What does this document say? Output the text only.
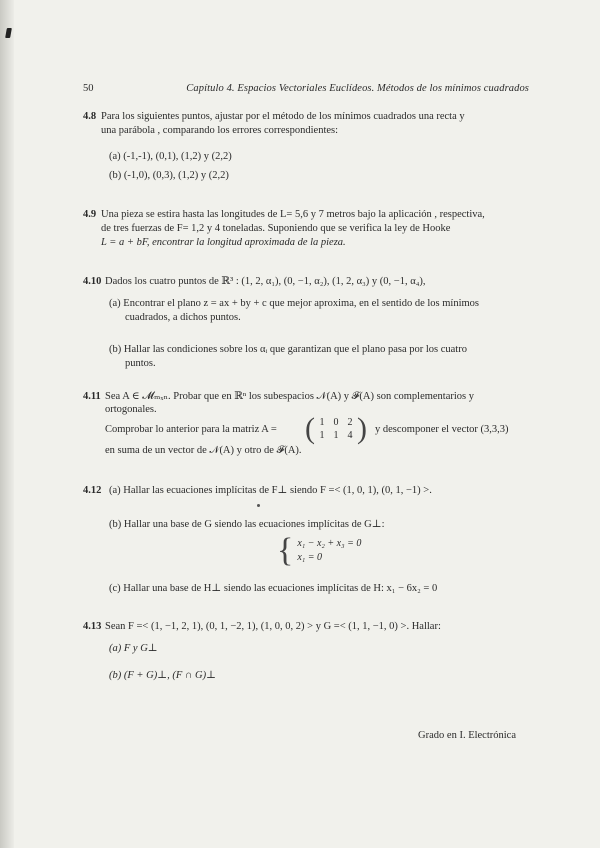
50	Capítulo 4. Espacios Vectoriales Euclídeos. Métodos de los mínimos cuadrados
4.8 Para los siguientes puntos, ajustar por el método de los mínimos cuadrados una recta y
una parábola , comparando los errores correspondientes:
(a) (-1,-1), (0,1), (1,2) y (2,2)
(b) (-1,0), (0,3), (1,2) y (2,2)
4.9 Una pieza se estira hasta las longitudes de L= 5,6 y 7 metros bajo la aplicación , respectiva,
de tres fuerzas de F= 1,2 y 4 toneladas. Suponiendo que se verifica la ley de Hooke
L = a + bF, encontrar la longitud aproximada de la pieza.
4.10 Dados los cuatro puntos de ℝ³ : (1, 2, α₁), (0, −1, α₂), (1, 2, α₃) y (0, −1, α₄),
(a) Encontrar el plano z = ax + by + c que mejor aproxima, en el sentido de los mínimos
cuadrados, a dichos puntos.
(b) Hallar las condiciones sobre los αᵢ que garantizan que el plano pasa por los cuatro
puntos.
4.11 Sea A ∈ 𝓜ₘₓₙ. Probar que en ℝⁿ los subespacios 𝒩(A) y 𝓕(A) son complementarios y
ortogonales.
Comprobar lo anterior para la matriz A = ( 1 0 2
1 1 4 ) y descomponer el vector (3,3,3)
en suma de un vector de 𝒩(A) y otro de 𝓕(A).
4.12 (a) Hallar las ecuaciones implícitas de F⊥ siendo F =< (1, 0, 1), (0, 1, −1) >.
(b) Hallar una base de G siendo las ecuaciones implícitas de G⊥:
{ x₁ − x₂ + x₃ = 0
x₁ = 0
(c) Hallar una base de H⊥ siendo las ecuaciones implícitas de H: x₁ − 6x₂ = 0
4.13 Sean F =< (1, −1, 2, 1), (0, 1, −2, 1), (1, 0, 0, 2) > y G =< (1, 1, −1, 0) >. Hallar:
(a) F y G⊥
(b) (F + G)⊥, (F ∩ G)⊥
Grado en I. Electrónica
